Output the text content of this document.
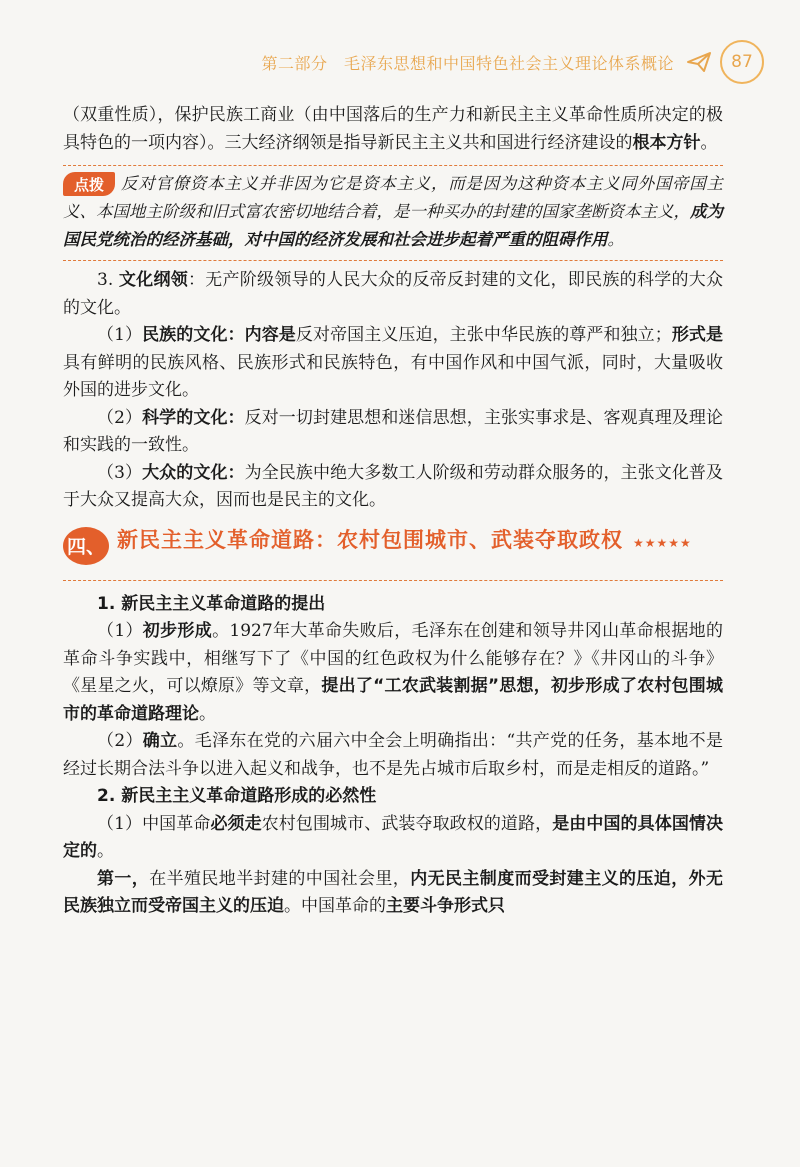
第二部分　毛泽东思想和中国特色社会主义理论体系概论	87

（双重性质），保护民族工商业（由中国落后的生产力和新民主主义革命性质所决定的极具特色的一项内容）。三大经济纲领是指导新民主主义共和国进行经济建设的根本方针。

点拨	反对官僚资本主义并非因为它是资本主义，而是因为这种资本主义同外国帝国主义、本国地主阶级和旧式富农密切地结合着，是一种买办的封建的国家垄断资本主义，成为国民党统治的经济基础，对中国的经济发展和社会进步起着严重的阻碍作用。

3. 文化纲领：无产阶级领导的人民大众的反帝反封建的文化，即民族的科学的大众的文化。

（1）民族的文化：内容是反对帝国主义压迫，主张中华民族的尊严和独立；形式是具有鲜明的民族风格、民族形式和民族特色，有中国作风和中国气派，同时，大量吸收外国的进步文化。

（2）科学的文化：反对一切封建思想和迷信思想，主张实事求是、客观真理及理论和实践的一致性。

（3）大众的文化：为全民族中绝大多数工人阶级和劳动群众服务的，主张文化普及于大众又提高大众，因而也是民主的文化。

四、 新民主主义革命道路：农村包围城市、武装夺取政权 ★★★★★

1. 新民主主义革命道路的提出

（1）初步形成。1927年大革命失败后，毛泽东在创建和领导井冈山革命根据地的革命斗争实践中，相继写下了《中国的红色政权为什么能够存在？》《井冈山的斗争》《星星之火，可以燎原》等文章，提出了“工农武装割据”思想，初步形成了农村包围城市的革命道路理论。

（2）确立。毛泽东在党的六届六中全会上明确指出：“共产党的任务，基本地不是经过长期合法斗争以进入起义和战争，也不是先占城市后取乡村，而是走相反的道路。”

2. 新民主主义革命道路形成的必然性

（1）中国革命必须走农村包围城市、武装夺取政权的道路，是由中国的具体国情决定的。

第一，在半殖民地半封建的中国社会里，内无民主制度而受封建主义的压迫，外无民族独立而受帝国主义的压迫。中国革命的主要斗争形式只
